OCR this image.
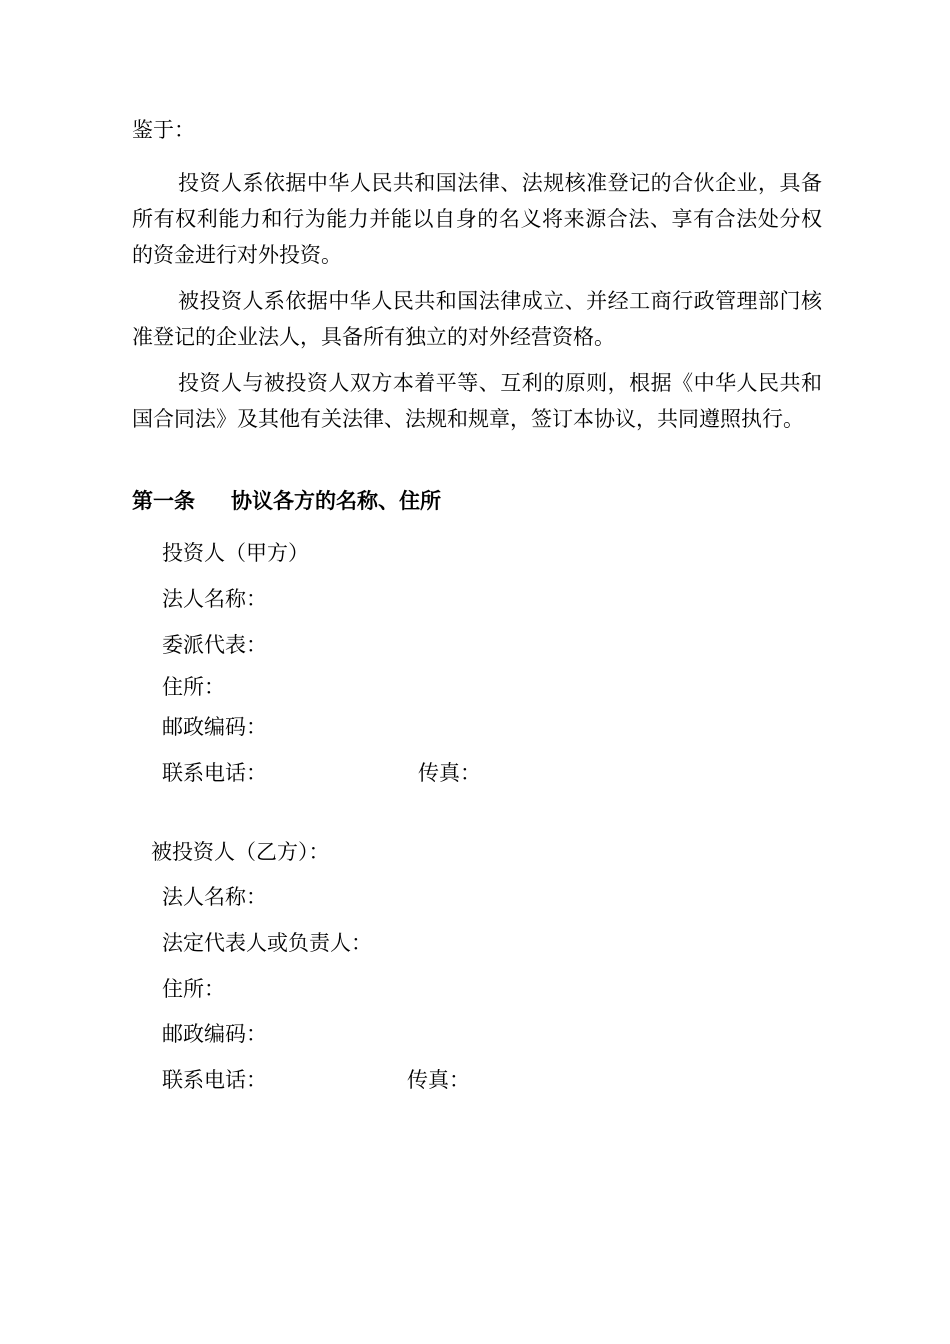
鉴于：
投资人系依据中华人民共和国法律、法规核准登记的合伙企业，具备所有权利能力和行为能力并能以自身的名义将来源合法、享有合法处分权的资金进行对外投资。
被投资人系依据中华人民共和国法律成立、并经工商行政管理部门核准登记的企业法人，具备所有独立的对外经营资格。
投资人与被投资人双方本着平等、互利的原则，根据《中华人民共和国合同法》及其他有关法律、法规和规章，签订本协议，共同遵照执行。
第一条 协议各方的名称、住所
投资人（甲方）
法人名称：
委派代表：
住所：
邮政编码：
联系电话：	传真：
被投资人（乙方）：
法人名称：
法定代表人或负责人：
住所：
邮政编码：
联系电话：	传真：
